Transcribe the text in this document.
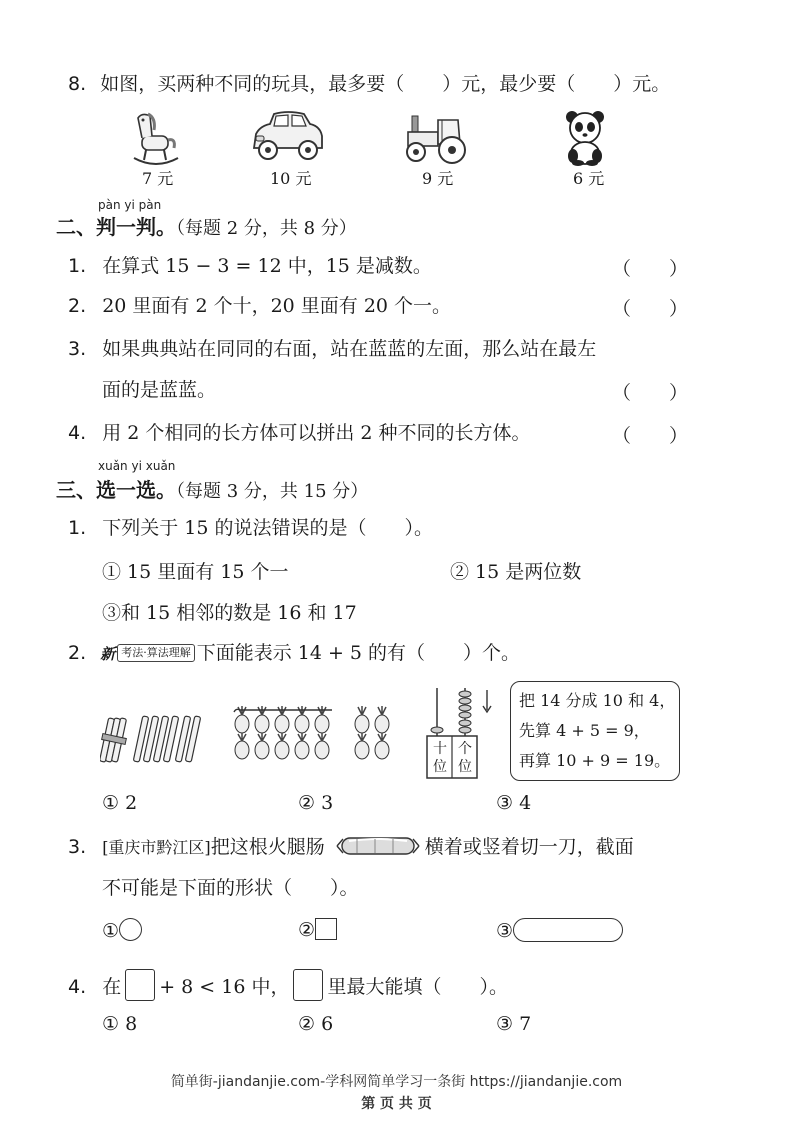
8. 如图，买两种不同的玩具，最多要（　　）元，最少要（　　）元。
7 元	10 元	9 元	6 元
pàn yi pàn
二、判一判。（每题 2 分，共 8 分）
1. 在算式 15 − 3 = 12 中，15 是减数。	（　　）
2. 20 里面有 2 个十，20 里面有 20 个一。	（　　）
3. 如果典典站在同同的右面，站在蓝蓝的左面，那么站在最左
面的是蓝蓝。	（　　）
4. 用 2 个相同的长方体可以拼出 2 种不同的长方体。	（　　）
xuǎn yi xuǎn
三、选一选。（每题 3 分，共 15 分）
1. 下列关于 15 的说法错误的是（　　）。
① 15 里面有 15 个一	② 15 是两位数
③和 15 相邻的数是 16 和 17
2. 新 考法·算法理解 下面能表示 14 + 5 的有（　　）个。
十
位
个
位
把 14 分成 10 和 4，
先算 4 + 5 = 9，
再算 10 + 9 = 19。
① 2	② 3	③ 4
3. [重庆市黔江区]把这根火腿肠	横着或竖着切一刀，截面
不可能是下面的形状（　　）。
①	②	③
4. 在 + 8 < 16 中， 里最大能填（　　）。
① 8	② 6	③ 7
简单街-jiandanjie.com-学科网简单学习一条街 https://jiandanjie.com
第 页 共 页
